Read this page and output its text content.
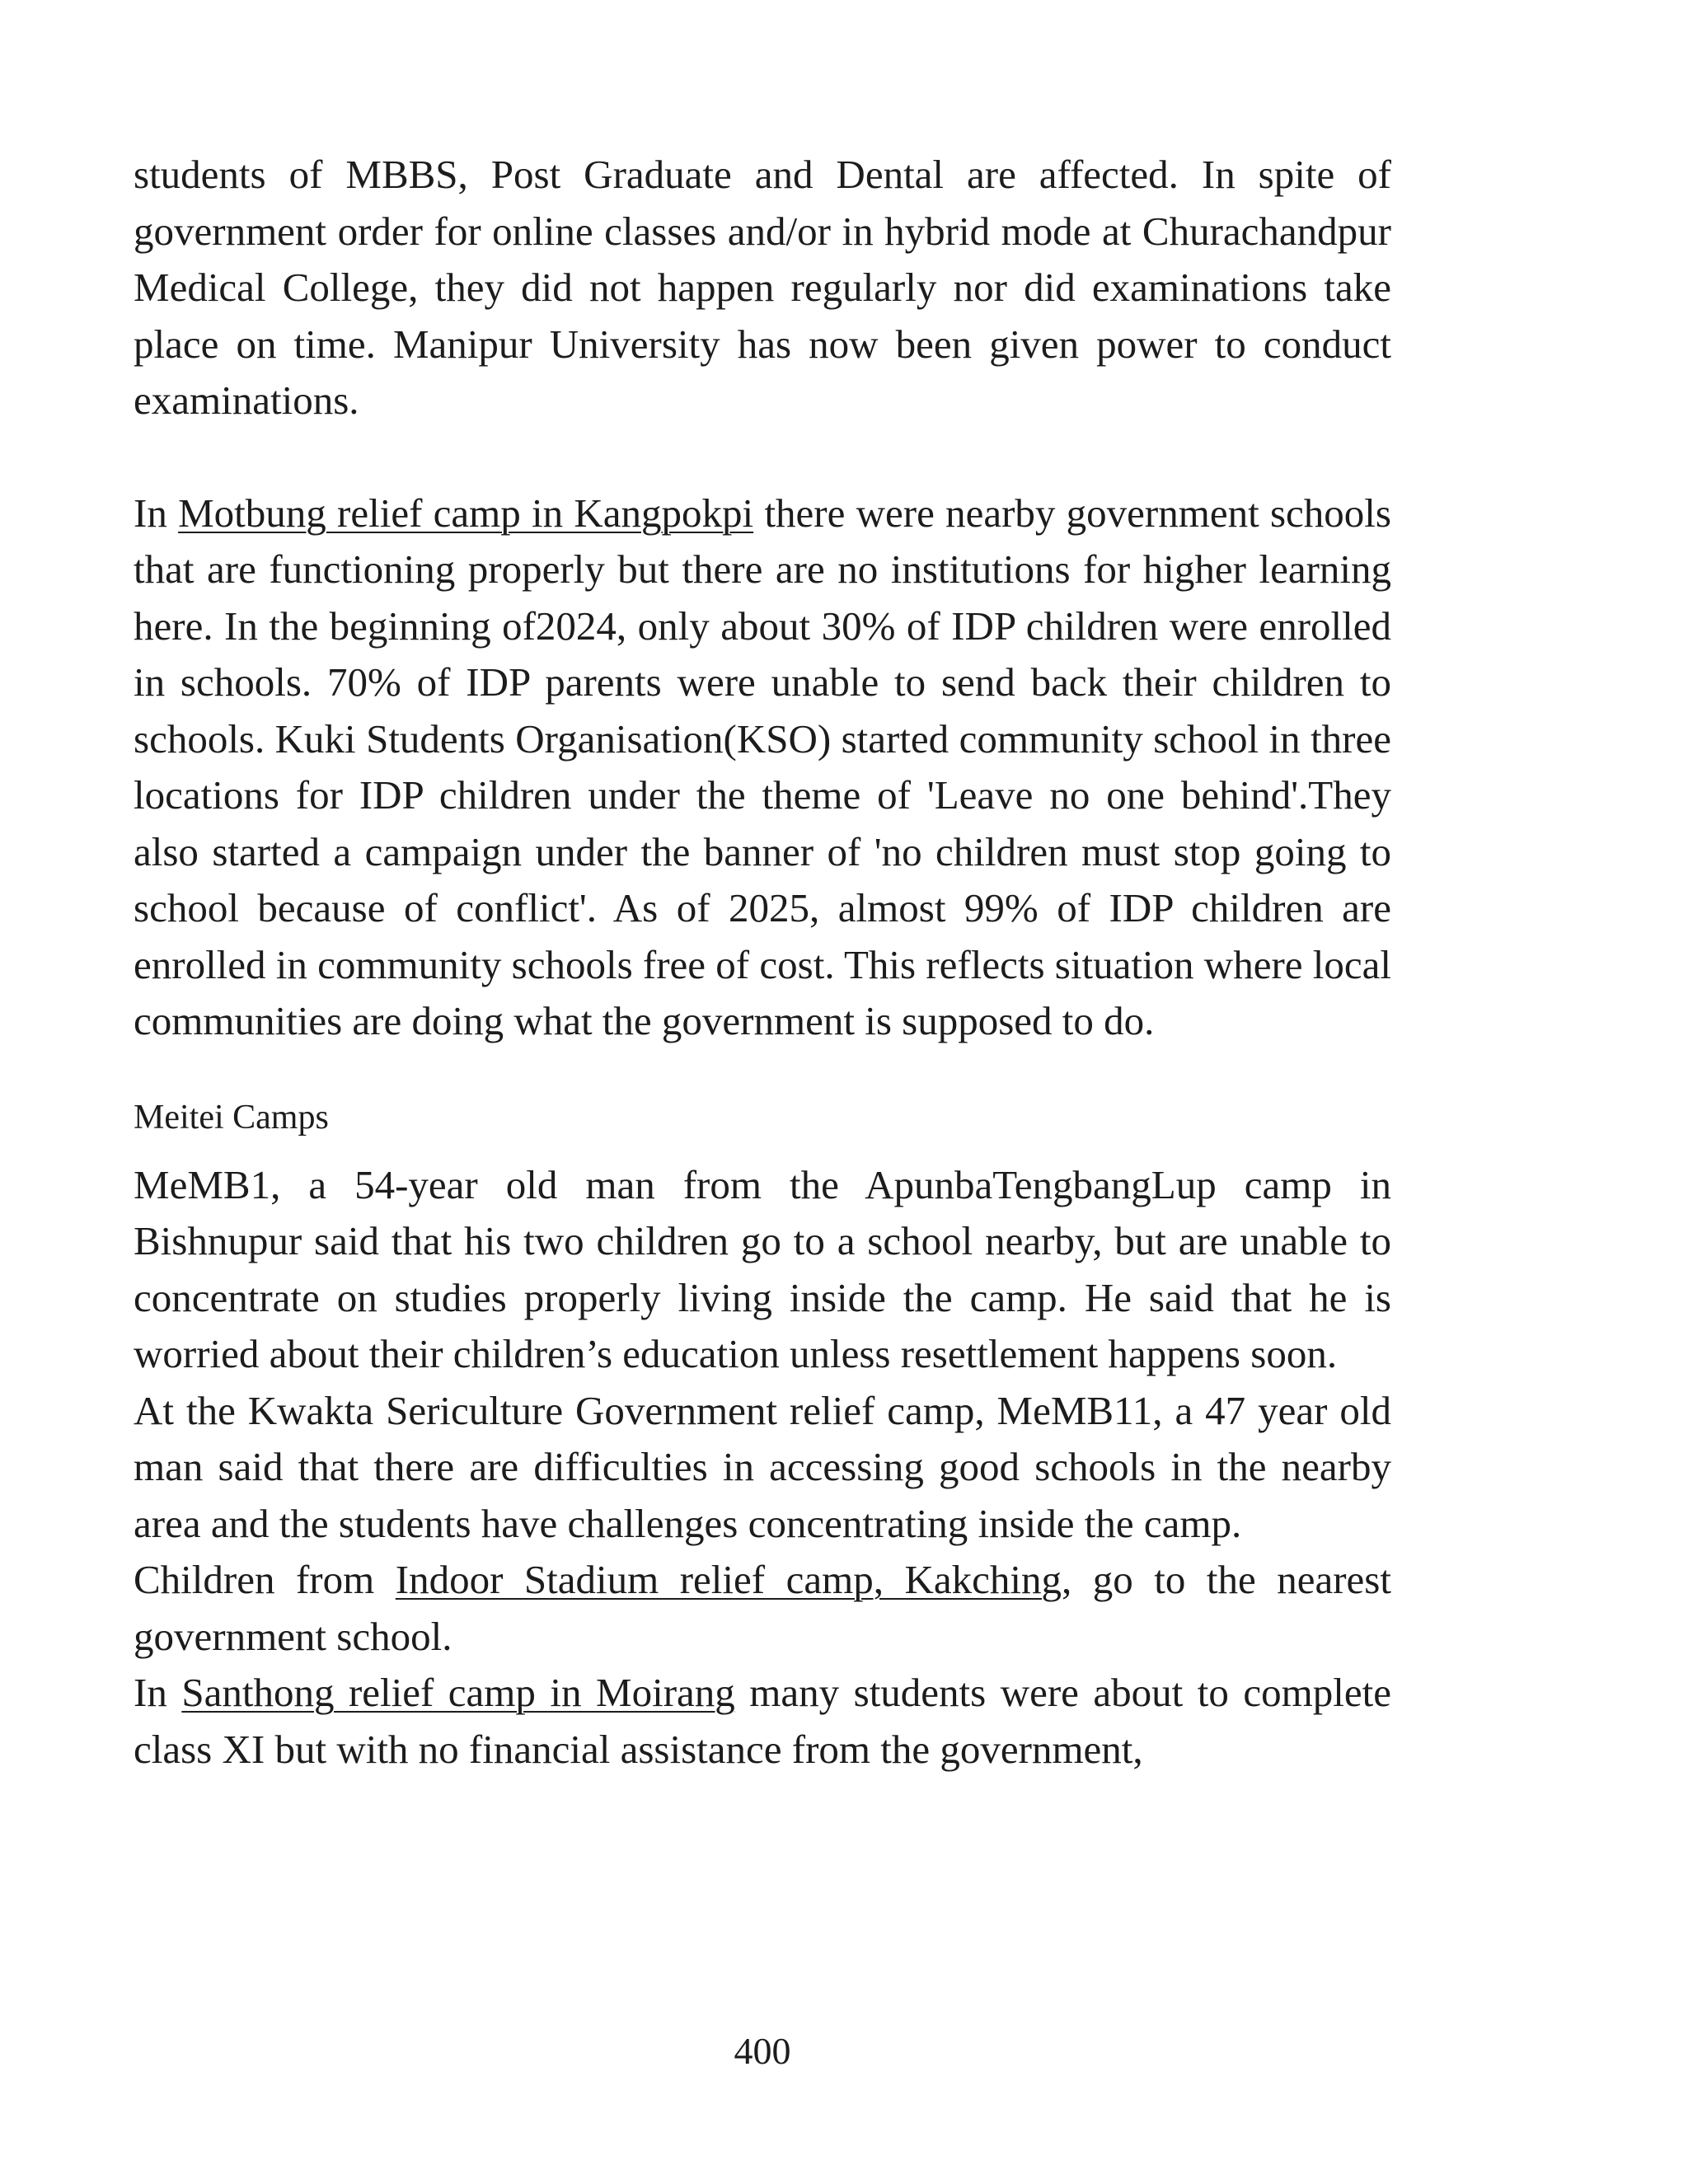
students of MBBS, Post Graduate and Dental are affected. In spite of government order for online classes and/or in hybrid mode at Churachandpur Medical College, they did not happen regularly nor did examinations take place on time. Manipur University has now been given power to conduct examinations.

In Motbung relief camp in Kangpokpi there were nearby government schools that are functioning properly but there are no institutions for higher learning here. In the beginning of2024, only about 30% of IDP children were enrolled in schools. 70% of IDP parents were unable to send back their children to schools. Kuki Students Organisation(KSO) started community school in three locations for IDP children under the theme of 'Leave no one behind'.They also started a campaign under the banner of 'no children must stop going to school because of conflict'. As of 2025, almost 99% of IDP children are enrolled in community schools free of cost. This reflects situation where local communities are doing what the government is supposed to do.

Meitei Camps

MeMB1, a 54-year old man from the ApunbaTengbangLup camp in Bishnupur said that his two children go to a school nearby, but are unable to concentrate on studies properly living inside the camp. He said that he is worried about their children’s education unless resettlement happens soon.

At the Kwakta Sericulture Government relief camp, MeMB11, a 47 year old man said that there are difficulties in accessing good schools in the nearby area and the students have challenges concentrating inside the camp.

Children from Indoor Stadium relief camp, Kakching, go to the nearest government school.

In Santhong relief camp in Moirang many students were about to complete class XI but with no financial assistance from the government,

400
